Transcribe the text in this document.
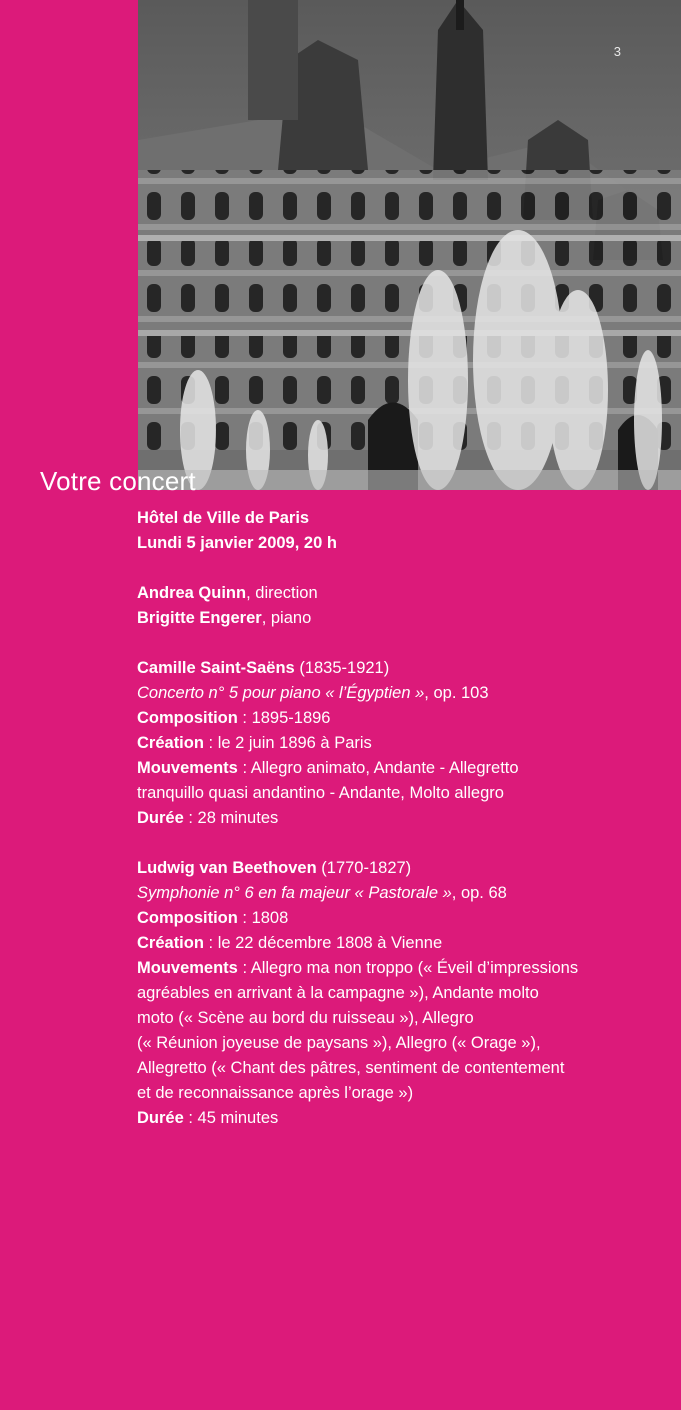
3
Votre concert

Hôtel de Ville de Paris

Lundi 5 janvier 2009, 20 h

Andrea Quinn, direction

Brigitte Engerer, piano

Camille Saint-Saëns (1835-1921)

Concerto n° 5 pour piano « l’Égyptien », op. 103

Composition : 1895-1896

Création : le 2 juin 1896 à Paris

Mouvements : Allegro animato, Andante - Allegretto

tranquillo quasi andantino - Andante, Molto allegro

Durée : 28 minutes

Ludwig van Beethoven (1770-1827)

Symphonie n° 6 en fa majeur « Pastorale », op. 68

Composition : 1808

Création : le 22 décembre 1808 à Vienne

Mouvements : Allegro ma non troppo (« Éveil d’impressions

agréables en arrivant à la campagne »), Andante molto

moto (« Scène au bord du ruisseau »), Allegro

(« Réunion joyeuse de paysans »), Allegro (« Orage »),

Allegretto (« Chant des pâtres, sentiment de contentement

et de reconnaissance après l’orage »)

Durée : 45 minutes
